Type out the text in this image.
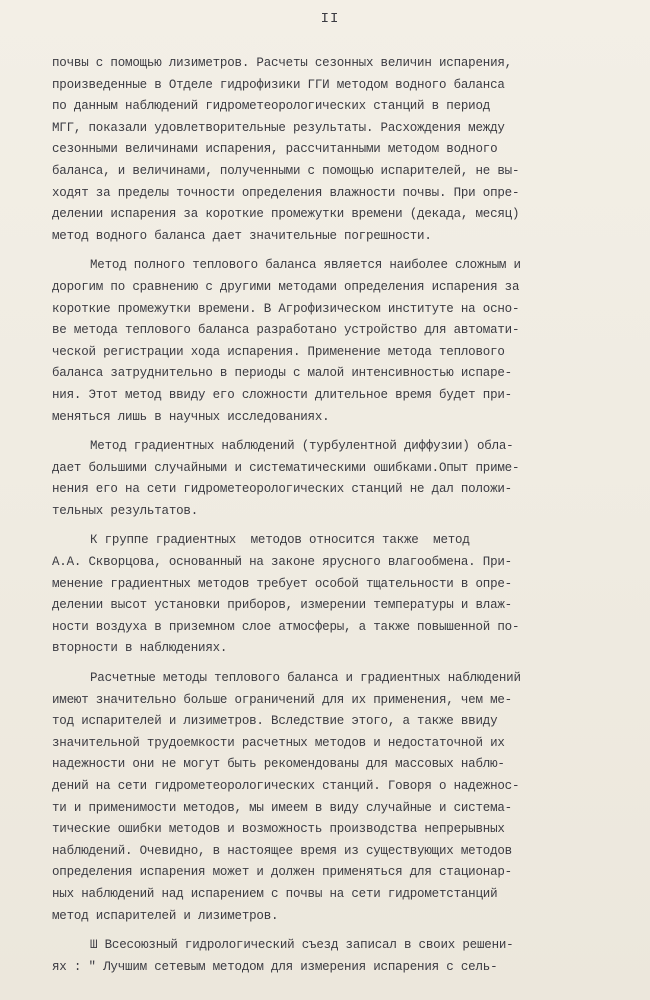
II
почвы с помощью лизиметров. Расчеты сезонных величин испарения,
произведенные в Отделе гидрофизики ГГИ методом водного баланса
по данным наблюдений гидрометеорологических станций в период
МГГ, показали удовлетворительные результаты. Расхождения между
сезонными величинами испарения, рассчитанными методом водного
баланса, и величинами, полученными с помощью испарителей, не вы-
ходят за пределы точности определения влажности почвы. При опре-
делении испарения за короткие промежутки времени (декада, месяц)
метод водного баланса дает значительные погрешности.
Метод полного теплового баланса является наиболее сложным и
дорогим по сравнению с другими методами определения испарения за
короткие промежутки времени. В Агрофизическом институте на осно-
ве метода теплового баланса разработано устройство для автомати-
ческой регистрации хода испарения. Применение метода теплового
баланса затруднительно в периоды с малой интенсивностью испаре-
ния. Этот метод ввиду его сложности длительное время будет при-
меняться лишь в научных исследованиях.
Метод градиентных наблюдений (турбулентной диффузии) обла-
дает большими случайными и систематическими ошибками.Опыт приме-
нения его на сети гидрометеорологических станций не дал положи-
тельных результатов.
К группе градиентных  методов относится также  метод
А.А. Скворцова, основанный на законе ярусного влагообмена. При-
менение градиентных методов требует особой тщательности в опре-
делении высот установки приборов, измерении температуры и влаж-
ности воздуха в приземном слое атмосферы, а также повышенной по-
вторности в наблюдениях.
Расчетные методы теплового баланса и градиентных наблюдений
имеют значительно больше ограничений для их применения, чем ме-
тод испарителей и лизиметров. Вследствие этого, а также ввиду
значительной трудоемкости расчетных методов и недостаточной их
надежности они не могут быть рекомендованы для массовых наблю-
дений на сети гидрометеорологических станций. Говоря о надежнос-
ти и применимости методов, мы имеем в виду случайные и система-
тические ошибки методов и возможность производства непрерывных
наблюдений. Очевидно, в настоящее время из существующих методов
определения испарения может и должен применяться для стационар-
ных наблюдений над испарением с почвы на сети гидрометстанций
метод испарителей и лизиметров.
Ш Всесоюзный гидрологический съезд записал в своих решени-
ях : " Лучшим сетевым методом для измерения испарения с сель-
